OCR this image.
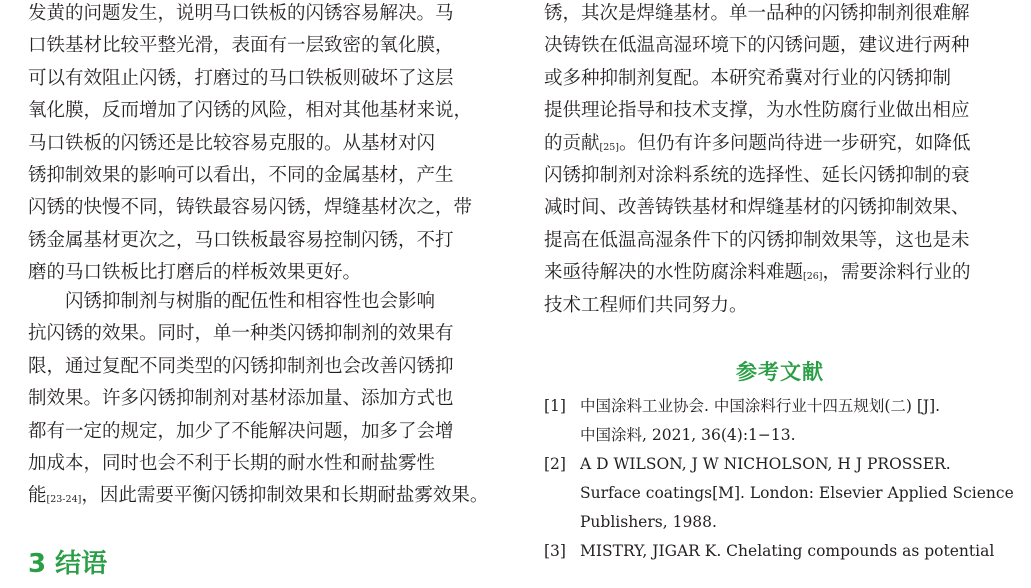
发黄的问题发生，说明马口铁板的闪锈容易解决。马
口铁基材比较平整光滑，表面有一层致密的氧化膜，
可以有效阻止闪锈，打磨过的马口铁板则破坏了这层
氧化膜，反而增加了闪锈的风险，相对其他基材来说，
马口铁板的闪锈还是比较容易克服的。从基材对闪
锈抑制效果的影响可以看出，不同的金属基材，产生
闪锈的快慢不同，铸铁最容易闪锈，焊缝基材次之，带
锈金属基材更次之，马口铁板最容易控制闪锈，不打
磨的马口铁板比打磨后的样板效果更好。

闪锈抑制剂与树脂的配伍性和相容性也会影响
抗闪锈的效果。同时，单一种类闪锈抑制剂的效果有
限，通过复配不同类型的闪锈抑制剂也会改善闪锈抑
制效果。许多闪锈抑制剂对基材添加量、添加方式也
都有一定的规定，加少了不能解决问题，加多了会增
加成本，同时也会不利于长期的耐水性和耐盐雾性
能[23-24]，因此需要平衡闪锈抑制效果和长期耐盐雾效果。

3 结语

锈，其次是焊缝基材。单一品种的闪锈抑制剂很难解
决铸铁在低温高湿环境下的闪锈问题，建议进行两种
或多种抑制剂复配。本研究希冀对行业的闪锈抑制
提供理论指导和技术支撑，为水性防腐行业做出相应
的贡献[25]。但仍有许多问题尚待进一步研究，如降低
闪锈抑制剂对涂料系统的选择性、延长闪锈抑制的衰
减时间、改善铸铁基材和焊缝基材的闪锈抑制效果、
提高在低温高湿条件下的闪锈抑制效果等，这也是未
来亟待解决的水性防腐涂料难题[26]，需要涂料行业的
技术工程师们共同努力。

参考文献
[1] 中国涂料工业协会. 中国涂料行业十四五规划(二) [J].
中国涂料, 2021, 36(4):1−13.
[2] A D WILSON, J W NICHOLSON, H J PROSSER.
Surface coatings[M]. London: Elsevier Applied Science
Publishers, 1988.
[3] MISTRY, JIGAR K. Chelating compounds as potential
